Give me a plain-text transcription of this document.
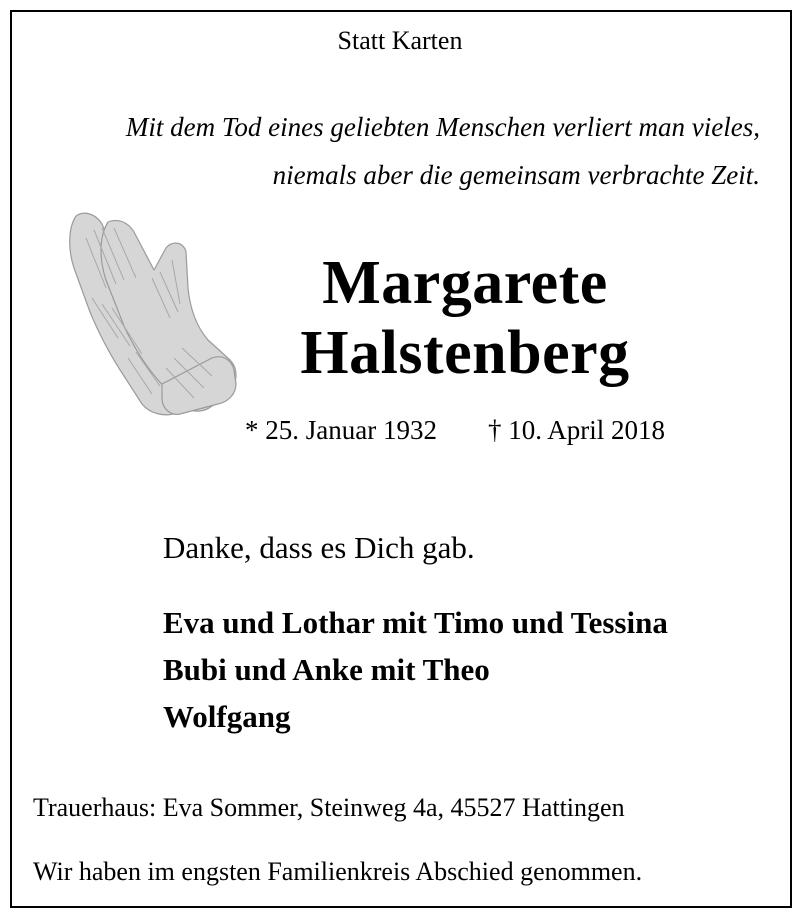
Statt Karten
Mit dem Tod eines geliebten Menschen verliert man vieles,
niemals aber die gemeinsam verbrachte Zeit.
Margarete
Halstenberg
* 25. Januar 1932 † 10. April 2018
Danke, dass es Dich gab.
Eva und Lothar mit Timo und Tessina
Bubi und Anke mit Theo
Wolfgang
Trauerhaus: Eva Sommer, Steinweg 4a, 45527 Hattingen
Wir haben im engsten Familienkreis Abschied genommen.
